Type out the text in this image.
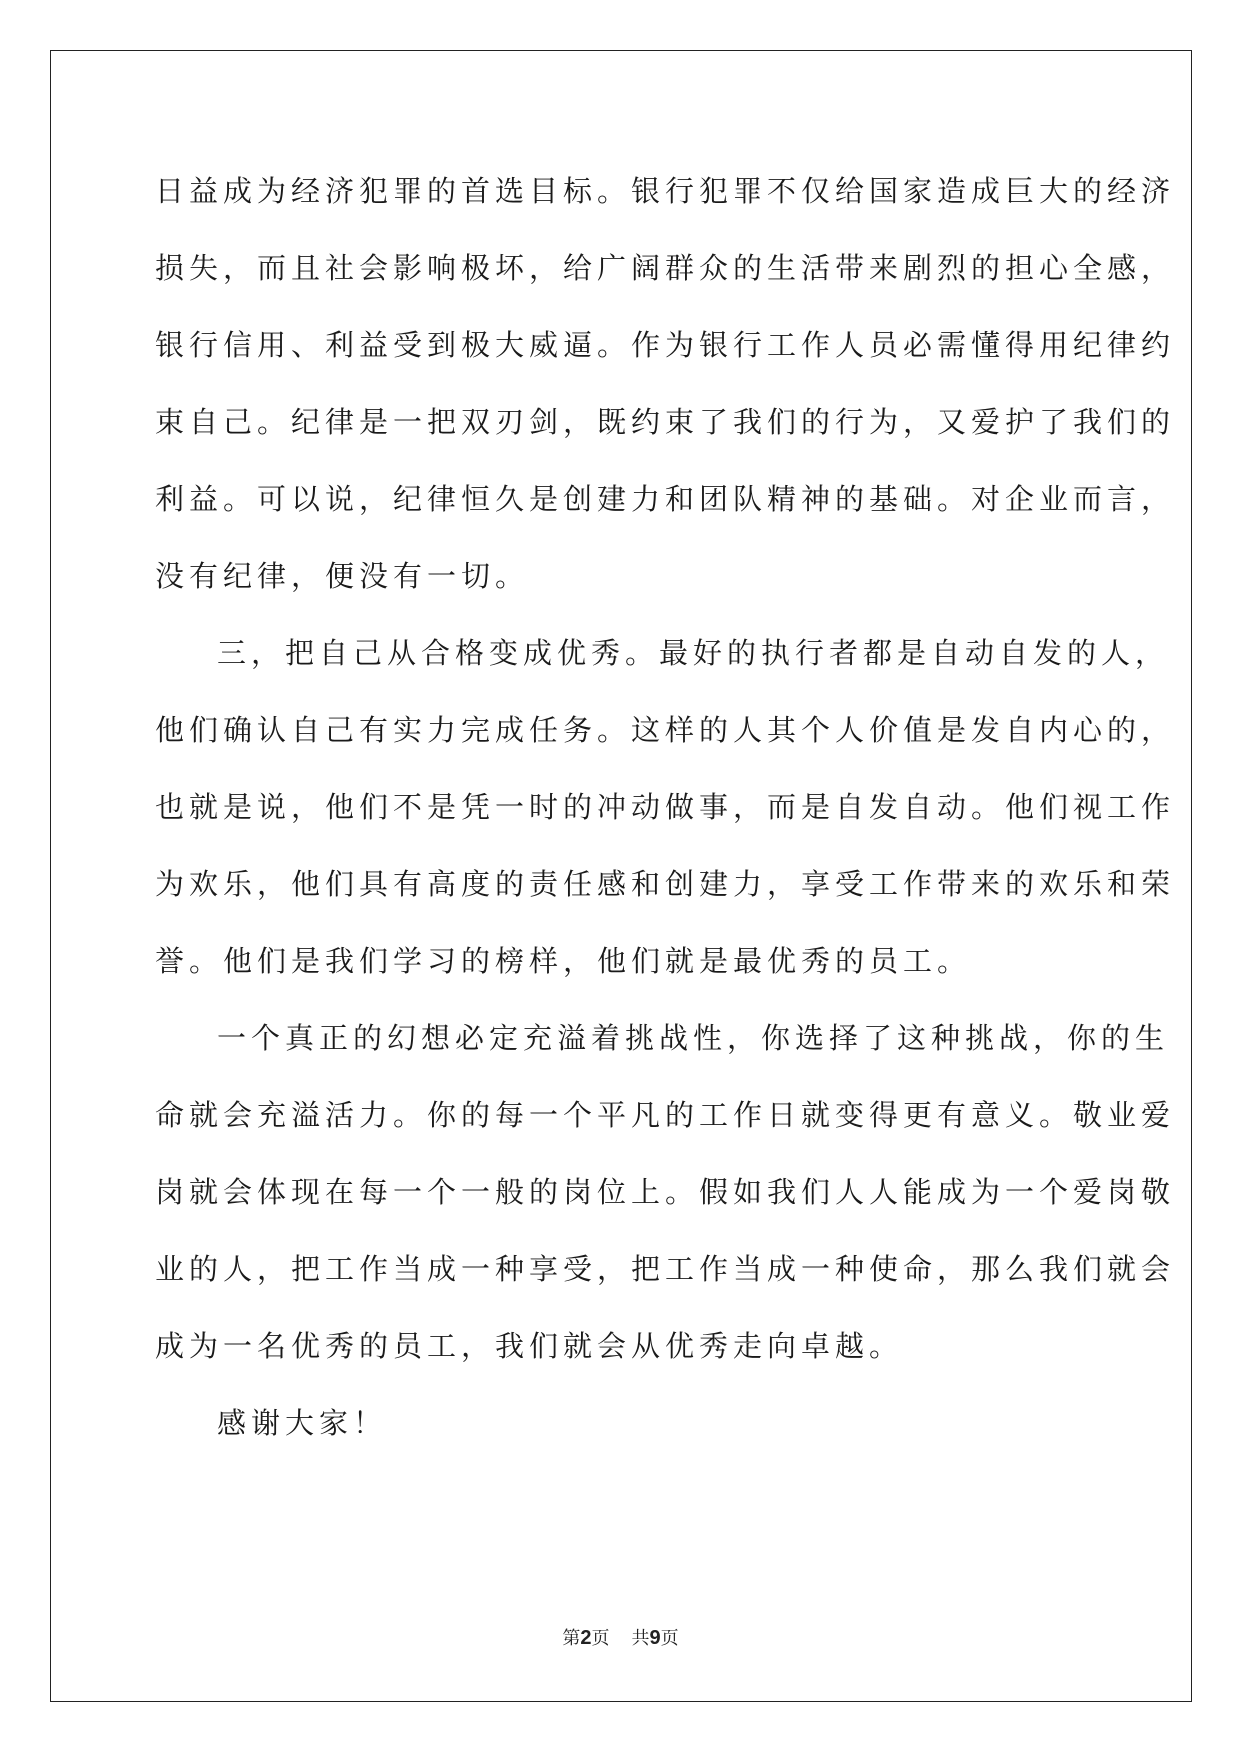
日益成为经济犯罪的首选目标。银行犯罪不仅给国家造成巨大的经济
损失，而且社会影响极坏，给广阔群众的生活带来剧烈的担心全感，
银行信用、利益受到极大威逼。作为银行工作人员必需懂得用纪律约
束自己。纪律是一把双刃剑，既约束了我们的行为，又爱护了我们的
利益。可以说，纪律恒久是创建力和团队精神的基础。对企业而言，
没有纪律，便没有一切。
三，把自己从合格变成优秀。最好的执行者都是自动自发的人，
他们确认自己有实力完成任务。这样的人其个人价值是发自内心的，
也就是说，他们不是凭一时的冲动做事，而是自发自动。他们视工作
为欢乐，他们具有高度的责任感和创建力，享受工作带来的欢乐和荣
誉。他们是我们学习的榜样，他们就是最优秀的员工。
一个真正的幻想必定充溢着挑战性，你选择了这种挑战，你的生
命就会充溢活力。你的每一个平凡的工作日就变得更有意义。敬业爱
岗就会体现在每一个一般的岗位上。假如我们人人能成为一个爱岗敬
业的人，把工作当成一种享受，把工作当成一种使命，那么我们就会
成为一名优秀的员工，我们就会从优秀走向卓越。
感谢大家！
第2页 共9页
